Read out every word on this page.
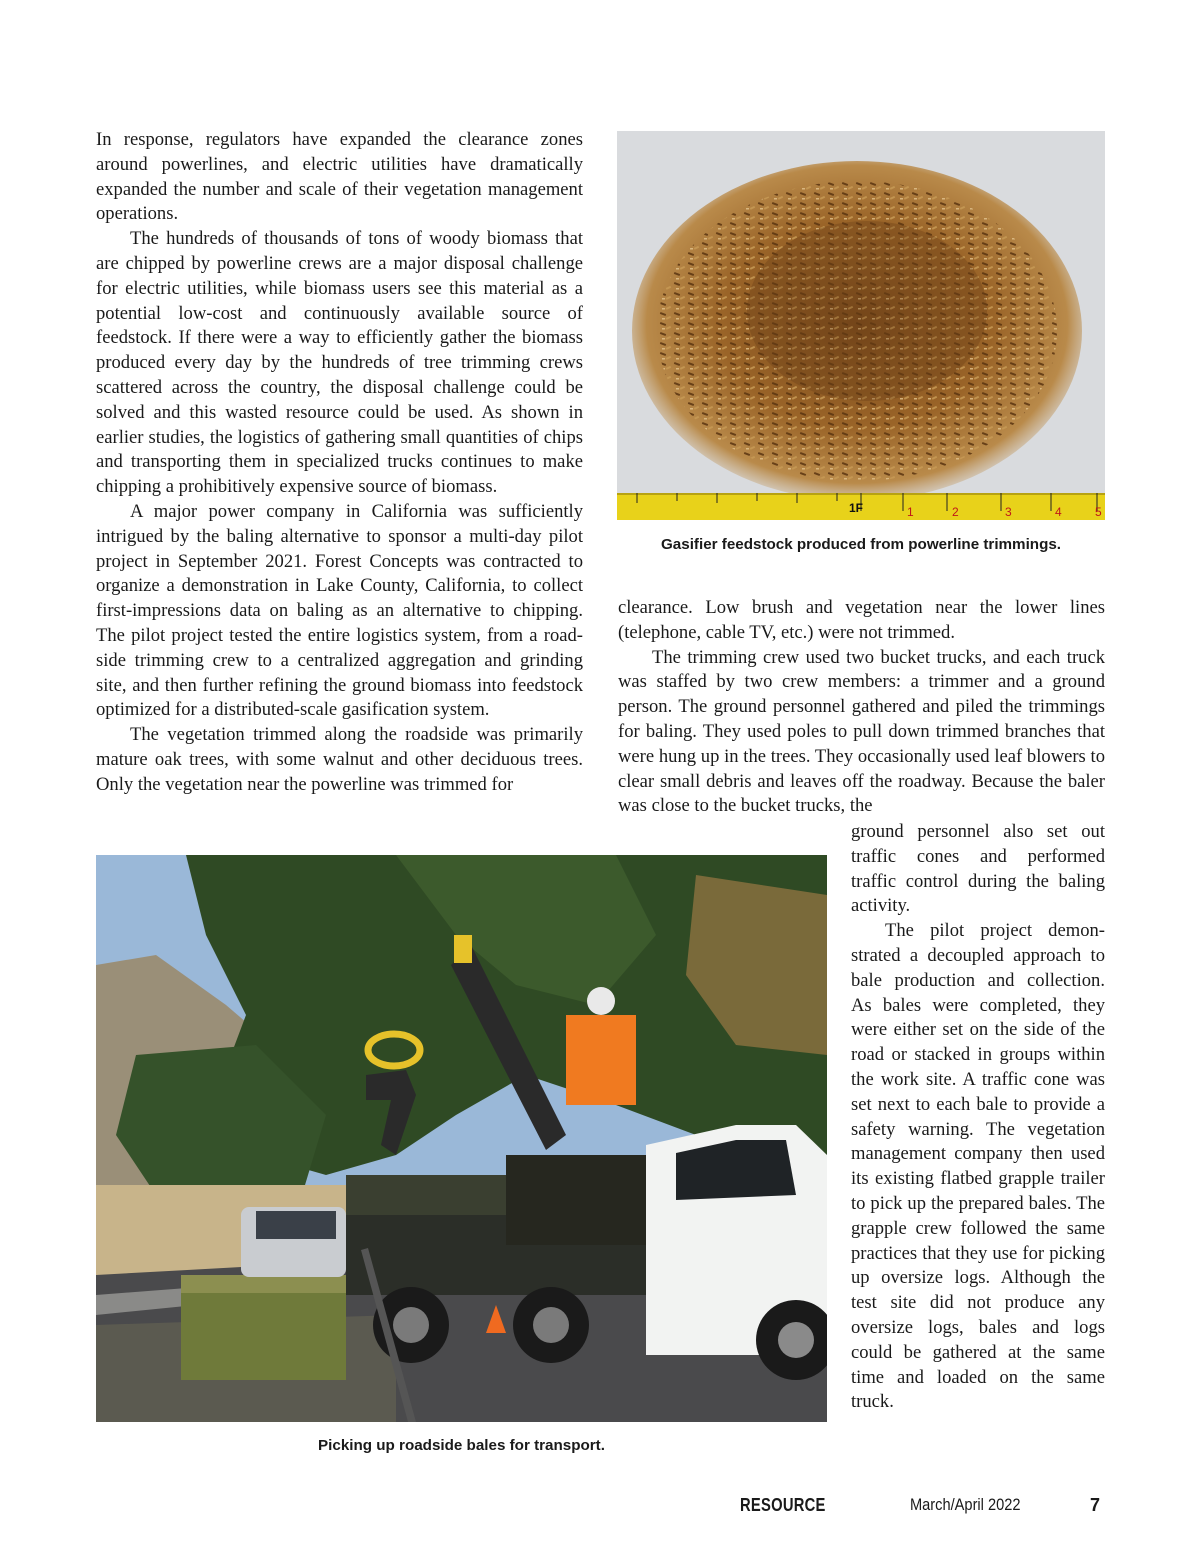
In response, regulators have expanded the clearance zones around powerlines, and electric utilities have dramatically expanded the number and scale of their vegetation management operations.

The hundreds of thousands of tons of woody biomass that are chipped by powerline crews are a major disposal challenge for electric utilities, while biomass users see this material as a potential low-cost and continuously available source of feedstock. If there were a way to efficiently gather the biomass produced every day by the hundreds of tree trimming crews scattered across the country, the disposal challenge could be solved and this wasted resource could be used. As shown in earlier studies, the logistics of gathering small quantities of chips and transporting them in specialized trucks continues to make chipping a prohibitively expensive source of biomass.

A major power company in California was sufficiently intrigued by the baling alternative to sponsor a multi-day pilot project in September 2021. Forest Concepts was contracted to organize a demonstration in Lake County, California, to collect first-impressions data on baling as an alternative to chipping. The pilot project tested the entire logistics system, from a roadside trimming crew to a centralized aggregation and grinding site, and then further refining the ground biomass into feedstock optimized for a distributed-scale gasification system.

The vegetation trimmed along the roadside was primarily mature oak trees, with some walnut and other deciduous trees. Only the vegetation near the powerline was trimmed for

1F	1	2	3	4	5
Gasifier feedstock produced from powerline trimmings.

clearance. Low brush and vegetation near the lower lines (telephone, cable TV, etc.) were not trimmed.

The trimming crew used two bucket trucks, and each truck was staffed by two crew members: a trimmer and a ground person. The ground personnel gathered and piled the trimmings for baling. They used poles to pull down trimmed branches that were hung up in the trees. They occasionally used leaf blowers to clear small debris and leaves off the roadway. Because the baler was close to the bucket trucks, the

Picking up roadside bales for transport.

ground personnel also set out traffic cones and performed traffic control during the baling activity.

The pilot project demonstrated a decoupled approach to bale production and collection. As bales were completed, they were either set on the side of the road or stacked in groups within the work site. A traffic cone was set next to each bale to provide a safety warning. The vegetation management company then used its existing flatbed grapple trailer to pick up the prepared bales. The grapple crew followed the same practices that they use for picking up oversize logs. Although the test site did not produce any oversize logs, bales and logs could be gathered at the same time and loaded on the same truck.

RESOURCE	March/April 2022	7
